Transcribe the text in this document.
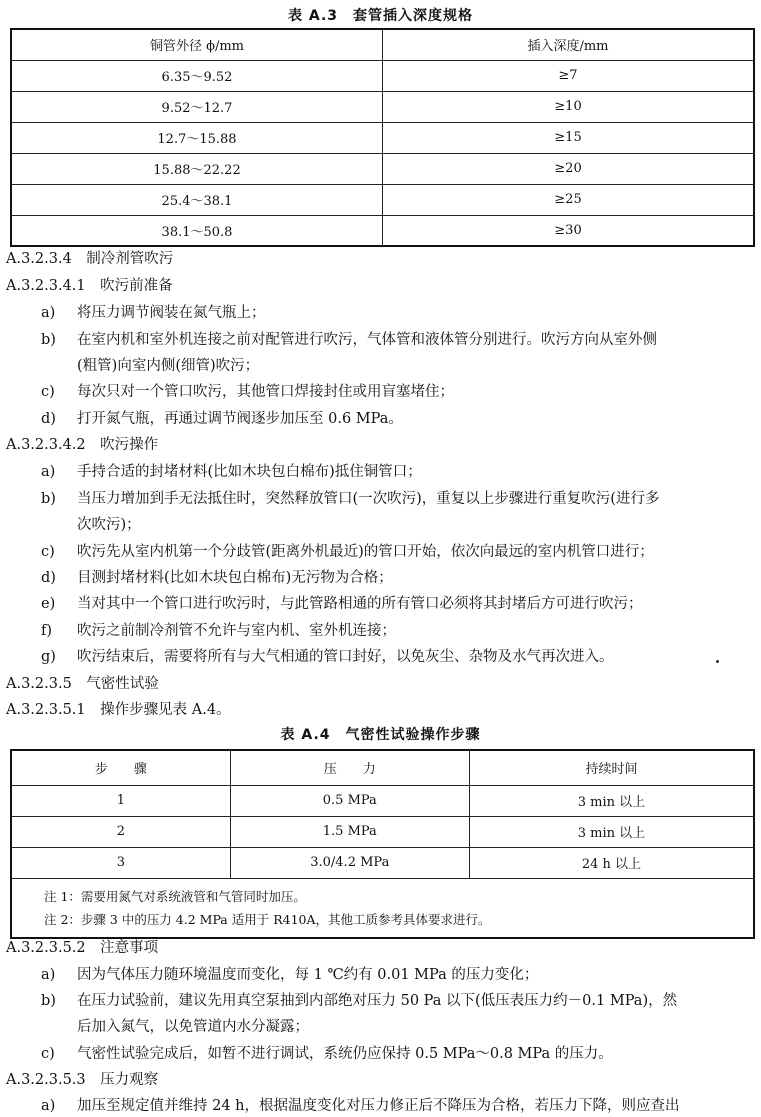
表 A.3　套管插入深度规格
铜管外径 ϕ/mm	插入深度/mm
6.35～9.52	≥7
9.52～12.7	≥10
12.7～15.88	≥15
15.88～22.22	≥20
25.4～38.1	≥25
38.1～50.8	≥30
A.3.2.3.4　制冷剂管吹污
A.3.2.3.4.1　吹污前准备
a) 将压力调节阀装在氮气瓶上；
b) 在室内机和室外机连接之前对配管进行吹污，气体管和液体管分别进行。吹污方向从室外侧
(粗管)向室内侧(细管)吹污；
c) 每次只对一个管口吹污，其他管口焊接封住或用盲塞堵住；
d) 打开氮气瓶，再通过调节阀逐步加压至 0.6 MPa。
A.3.2.3.4.2　吹污操作
a) 手持合适的封堵材料(比如木块包白棉布)抵住铜管口；
b) 当压力增加到手无法抵住时，突然释放管口(一次吹污)，重复以上步骤进行重复吹污(进行多
次吹污)；
c) 吹污先从室内机第一个分歧管(距离外机最近)的管口开始，依次向最远的室内机管口进行；
d) 目测封堵材料(比如木块包白棉布)无污物为合格；
e) 当对其中一个管口进行吹污时，与此管路相通的所有管口必须将其封堵后方可进行吹污；
f) 吹污之前制冷剂管不允许与室内机、室外机连接；
g) 吹污结束后，需要将所有与大气相通的管口封好，以免灰尘、杂物及水气再次进入。
A.3.2.3.5　气密性试验
A.3.2.3.5.1　操作步骤见表 A.4。
表 A.4　气密性试验操作步骤
步　　骤	压　　力	持续时间
1	0.5 MPa	3 min 以上
2	1.5 MPa	3 min 以上
3	3.0/4.2 MPa	24 h 以上
注 1：需要用氮气对系统液管和气管同时加压。		
注 2：步骤 3 中的压力 4.2 MPa 适用于 R410A，其他工质参考具体要求进行。		
A.3.2.3.5.2　注意事项
a) 因为气体压力随环境温度而变化，每 1 ℃约有 0.01 MPa 的压力变化；
b) 在压力试验前，建议先用真空泵抽到内部绝对压力 50 Pa 以下(低压表压力约－0.1 MPa)，然
后加入氮气，以免管道内水分凝露；
c) 气密性试验完成后，如暂不进行调试，系统仍应保持 0.5 MPa～0.8 MPa 的压力。
A.3.2.3.5.3　压力观察
a) 加压至规定值并维持 24 h，根据温度变化对压力修正后不降压为合格，若压力下降，则应查出
